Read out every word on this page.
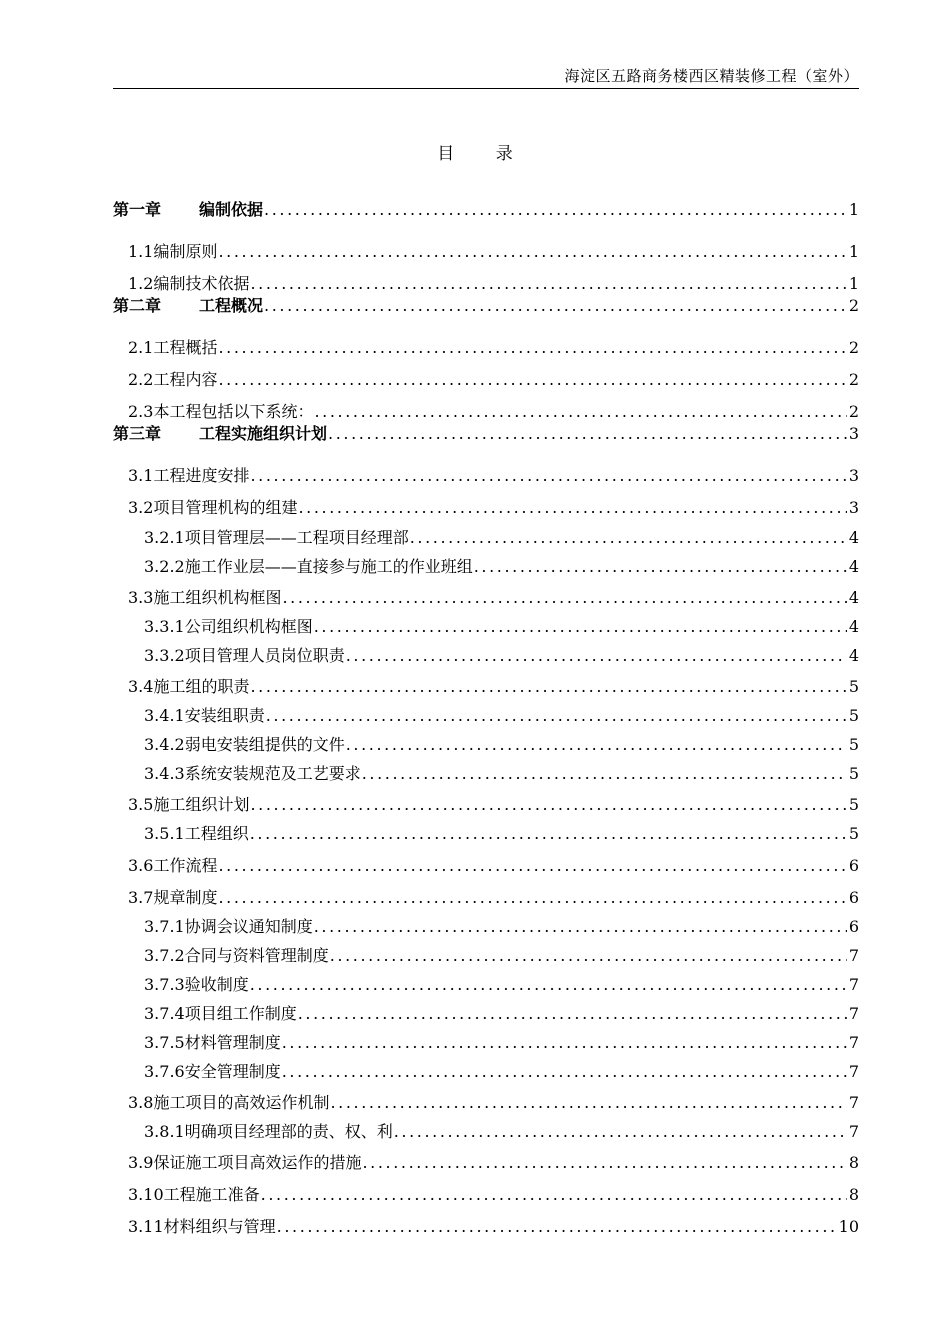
海淀区五路商务楼西区精装修工程（室外）
目 录
第一章	编制依据 .....	1
1.1 编制原则 .....	1
1.2 编制技术依据 .....	1
第二章	工程概况 .....	2
2.1 工程概括 .....	2
2.2 工程内容 .....	2
2.3 本工程包括以下系统： .....	2
第三章	工程实施组织计划 .....	3
3.1 工程进度安排 .....	3
3.2 项目管理机构的组建 .....	3
3.2.1 项目管理层——工程项目经理部 .....	4
3.2.2 施工作业层——直接参与施工的作业班组 .....	4
3.3 施工组织机构框图 .....	4
3.3.1 公司组织机构框图 .....	4
3.3.2 项目管理人员岗位职责 .....	4
3.4 施工组的职责 .....	5
3.4.1 安装组职责 .....	5
3.4.2 弱电安装组提供的文件 .....	5
3.4.3 系统安装规范及工艺要求 .....	5
3.5 施工组织计划 .....	5
3.5.1 工程组织 .....	5
3.6 工作流程 .....	6
3.7 规章制度 .....	6
3.7.1 协调会议通知制度 .....	6
3.7.2 合同与资料管理制度 .....	7
3.7.3 验收制度 .....	7
3.7.4 项目组工作制度 .....	7
3.7.5 材料管理制度 .....	7
3.7.6 安全管理制度 .....	7
3.8 施工项目的高效运作机制 .....	7
3.8.1 明确项目经理部的责、权、利 .....	7
3.9 保证施工项目高效运作的措施 .....	8
3.10 工程施工准备 .....	8
3.11 材料组织与管理 .....	10
